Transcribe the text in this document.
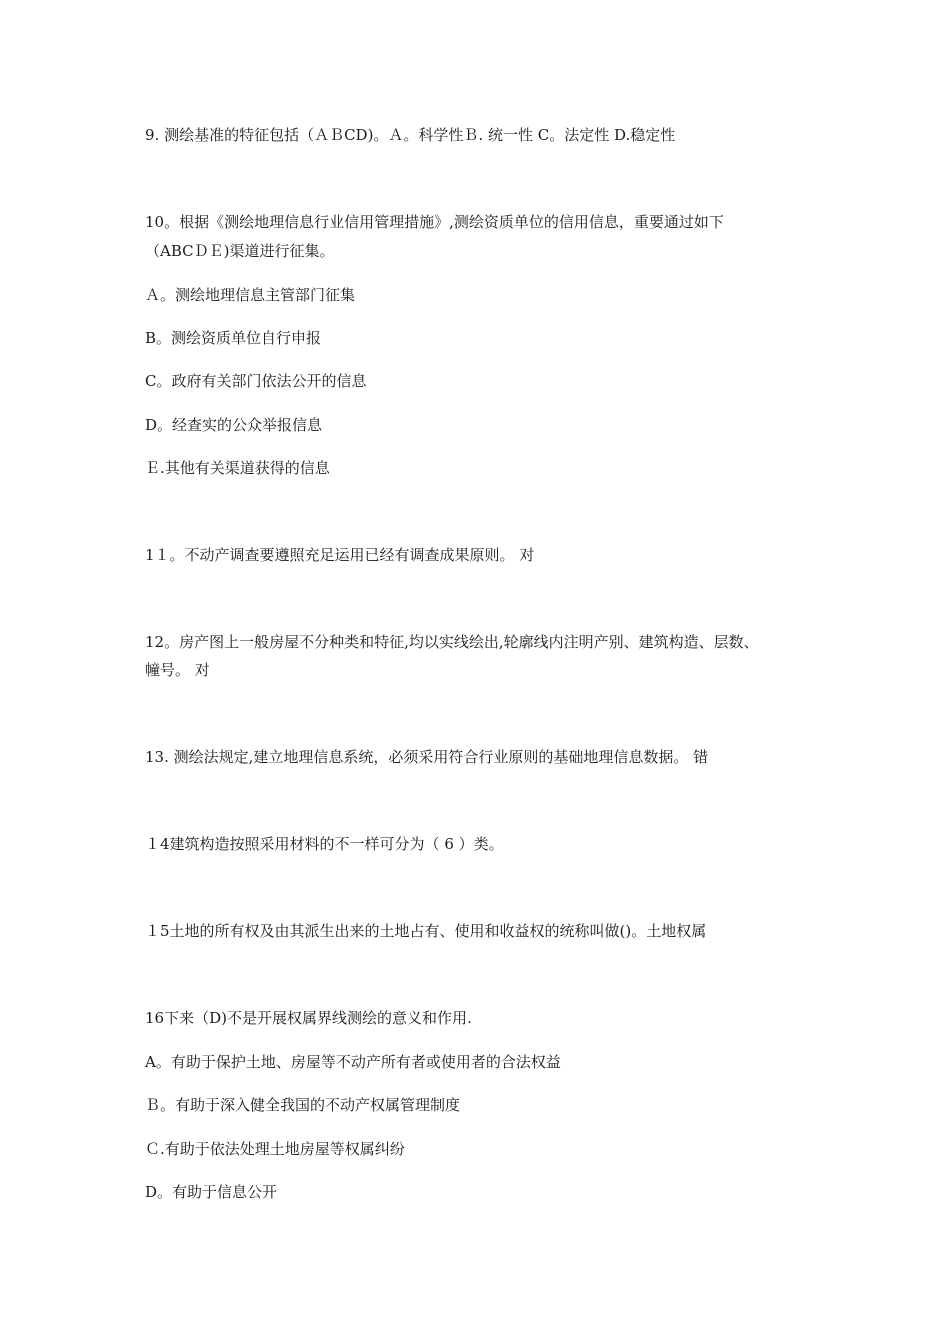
9. 测绘基准的特征包括（ＡＢCD)。Ａ。科学性Ｂ. 统一性 C。法定性 D.稳定性
10。根据《测绘地理信息行业信用管理措施》,测绘资质单位的信用信息，重要通过如下
（ABCＤＥ)渠道进行征集。
Ａ。测绘地理信息主管部门征集
B。测绘资质单位自行申报
C。政府有关部门依法公开的信息
D。经查实的公众举报信息
Ｅ.其他有关渠道获得的信息
1１。不动产调查要遵照充足运用已经有调查成果原则。 对
12。房产图上一般房屋不分种类和特征,均以实线绘出,轮廓线内注明产别、建筑构造、层数、
幢号。 对
13. 测绘法规定,建立地理信息系统，必须采用符合行业原则的基础地理信息数据。 错
１4建筑构造按照采用材料的不一样可分为（ 6 ）类。
１5土地的所有权及由其派生出来的土地占有、使用和收益权的统称叫做()。土地权属
16下来（D)不是开展权属界线测绘的意义和作用.
A。有助于保护土地、房屋等不动产所有者或使用者的合法权益
Ｂ。有助于深入健全我国的不动产权属管理制度
Ｃ.有助于依法处理土地房屋等权属纠纷
D。有助于信息公开
